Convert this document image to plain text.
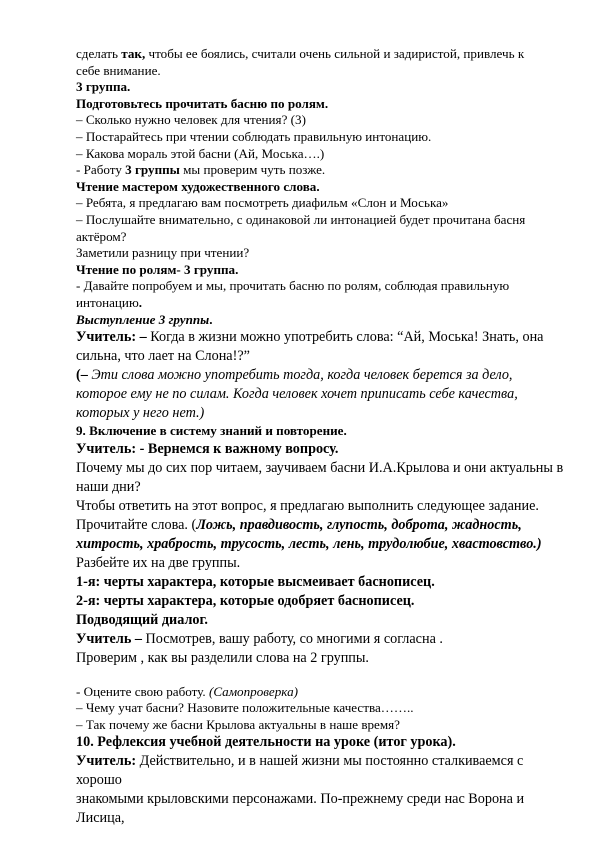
сделать так, чтобы ее боялись, считали очень сильной и задиристой, привлечь к

себе внимание.

3 группа.

Подготовьтесь прочитать басню по ролям.

– Сколько нужно человек для чтения? (3)

– Постарайтесь при чтении соблюдать правильную интонацию.

– Какова мораль этой басни (Ай, Моська….)

- Работу 3 группы мы проверим чуть позже.

Чтение мастером художественного слова.

– Ребята, я предлагаю вам посмотреть диафильм «Слон и Моська»

– Послушайте внимательно, с одинаковой ли интонацией будет прочитана басня

актёром?

Заметили разницу при чтении?

Чтение по ролям- 3 группа.

- Давайте попробуем и мы, прочитать басню по ролям, соблюдая правильную

интонацию.

Выступление 3 группы.

Учитель: – Когда в жизни можно употребить слова: “Ай, Моська! Знать, она

сильна, что лает на Слона!?”

(– Эти слова можно употребить тогда, когда человек берется за дело,

которое ему не по силам. Когда человек хочет приписать себе качества,

которых у него нет.)

9. Включение в систему знаний и повторение.

Учитель: - Вернемся к важному вопросу.

Почему мы до сих пор читаем, заучиваем басни И.А.Крылова и они актуальны в

наши дни?

Чтобы ответить на этот вопрос, я предлагаю выполнить следующее задание.

Прочитайте слова. (Ложь, правдивость, глупость, доброта, жадность,

хитрость, храбрость, трусость, лесть, лень, трудолюбие, хвастовство.)

Разбейте их на две группы.

1-я: черты характера, которые высмеивает баснописец.

2-я: черты характера, которые одобряет баснописец.

Подводящий диалог.

Учитель – Посмотрев, вашу работу, со многими я согласна .

Проверим , как вы разделили слова на 2 группы.

- Оцените свою работу. (Самопроверка)

– Чему учат басни? Назовите положительные качества……..

– Так почему же басни Крылова актуальны в наше время?

10. Рефлексия учебной деятельности на уроке (итог урока).

Учитель: Действительно, и в нашей жизни мы постоянно сталкиваемся с хорошо

знакомыми крыловскими персонажами. По-прежнему среди нас Ворона и Лисица,
